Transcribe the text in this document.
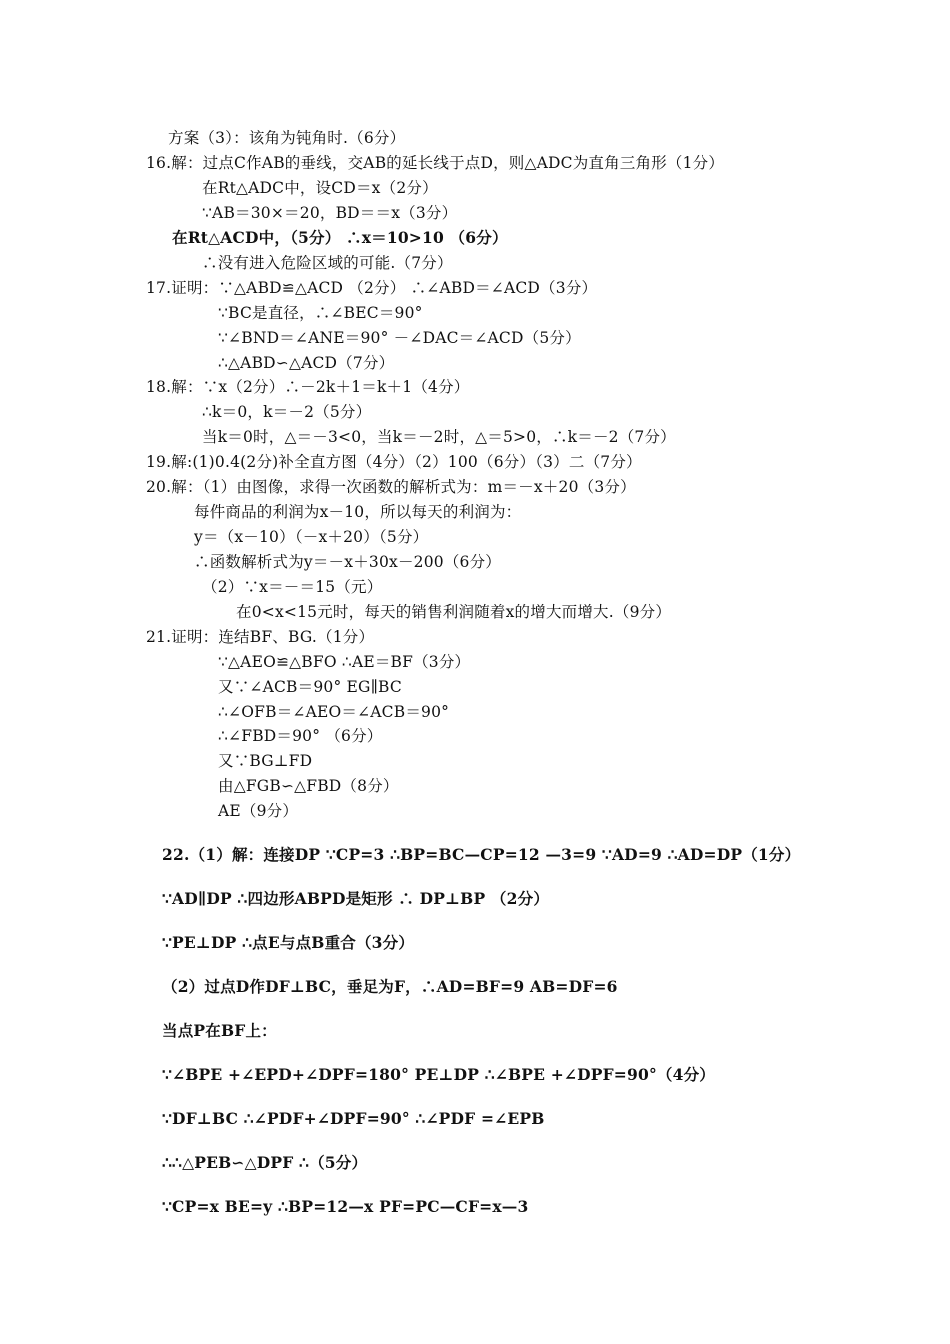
方案（3）：该角为钝角时.（6分）
16.解：过点C作AB的垂线，交AB的延长线于点D，则△ADC为直角三角形（1分）
在Rt△ADC中，设CD＝x（2分）
∵AB＝30×＝20，BD＝＝x（3分）
在Rt△ACD中，（5分） ∴x＝10>10 （6分）
∴没有进入危险区域的可能.（7分）
17.证明：∵△ABD≌△ACD （2分） ∴∠ABD＝∠ACD（3分）
∵BC是直径，∴∠BEC＝90°
∵∠BND＝∠ANE＝90° －∠DAC＝∠ACD（5分）
∴△ABD∽△ACD（7分）
18.解：∵x（2分）∴－2k＋1＝k＋1（4分）
∴k＝0，k＝－2（5分）
当k＝0时，△＝－3<0，当k＝－2时，△＝5>0，∴k＝－2（7分）
19.解:(1)0.4(2分)补全直方图（4分）（2）100（6分）（3）二（7分）
20.解：（1）由图像，求得一次函数的解析式为：m＝－x＋20（3分）
每件商品的利润为x－10，所以每天的利润为：
y＝（x－10）（－x＋20）（5分）
∴函数解析式为y＝－x＋30x－200（6分）
（2）∵x＝－＝15（元）
在0<x<15元时，每天的销售利润随着x的增大而增大.（9分）
21.证明：连结BF、BG.（1分）
∵△AEO≌△BFO ∴AE＝BF（3分）
又∵∠ACB＝90° EG∥BC
∴∠OFB＝∠AEO＝∠ACB＝90°
∴∠FBD＝90° （6分）
又∵BG⊥FD
由△FGB∽△FBD（8分）
AE（9分）
22.（1）解：连接DP ∵CP=3 ∴BP=BC—CP=12 —3=9 ∵AD=9 ∴AD=DP（1分）
∵AD∥DP ∴四边形ABPD是矩形 ∴ DP⊥BP （2分）
∵PE⊥DP ∴点E与点B重合（3分）
（2）过点D作DF⊥BC，垂足为F，∴AD=BF=9 AB=DF=6
当点P在BF上：
∵∠BPE +∠EPD+∠DPF=180° PE⊥DP ∴∠BPE +∠DPF=90°（4分）
∵DF⊥BC ∴∠PDF+∠DPF=90° ∴∠PDF =∠EPB
∴∴△PEB∽△DPF ∴（5分）
∵CP=x BE=y ∴BP=12—x PF=PC—CF=x—3
